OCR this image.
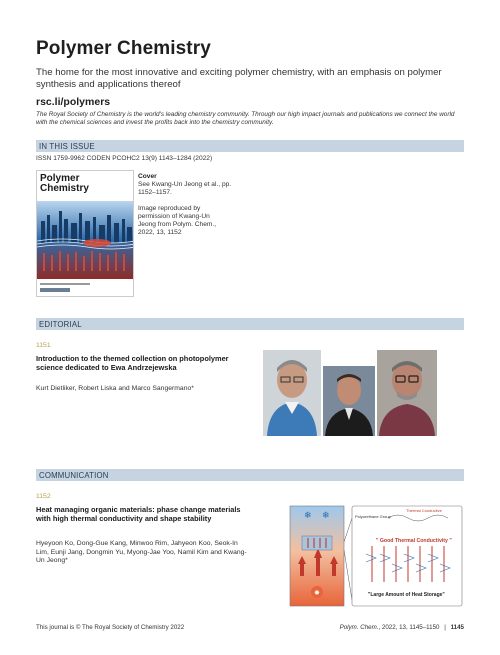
Polymer Chemistry
The home for the most innovative and exciting polymer chemistry, with an emphasis on polymer synthesis and applications thereof
rsc.li/polymers
The Royal Society of Chemistry is the world's leading chemistry community. Through our high impact journals and publications we connect the world with the chemical sciences and invest the profits back into the chemistry community.
IN THIS ISSUE
ISSN 1759-9962 CODEN PCOHC2 13(9) 1143–1284 (2022)
Polymer
Chemistry
Cover
See Kwang-Un Jeong et al., pp. 1152–1157.
Image reproduced by permission of Kwang-Un Jeong from Polym. Chem., 2022, 13, 1152
EDITORIAL
1151
Introduction to the themed collection on photopolymer science dedicated to Ewa Andrzejewska
Kurt Dietliker, Robert Liska and Marco Sangermano*
COMMUNICATION
1152
Heat managing organic materials: phase change materials with high thermal conductivity and shape stability
Hyeyoon Ko, Dong-Gue Kang, Minwoo Rim, Jahyeon Koo, Seok-In Lim, Eunji Jang, Dongmin Yu, Myong-Jae Yoo, Namil Kim and Kwang-Un Jeong*
❄ ❄
✹
Polyurethane Group
Thermal Conductive
" Good Thermal Conductivity "
"Large Amount of Heat Storage"
This journal is © The Royal Society of Chemistry 2022	Polym. Chem., 2022, 13, 1145–1150 | 1145
